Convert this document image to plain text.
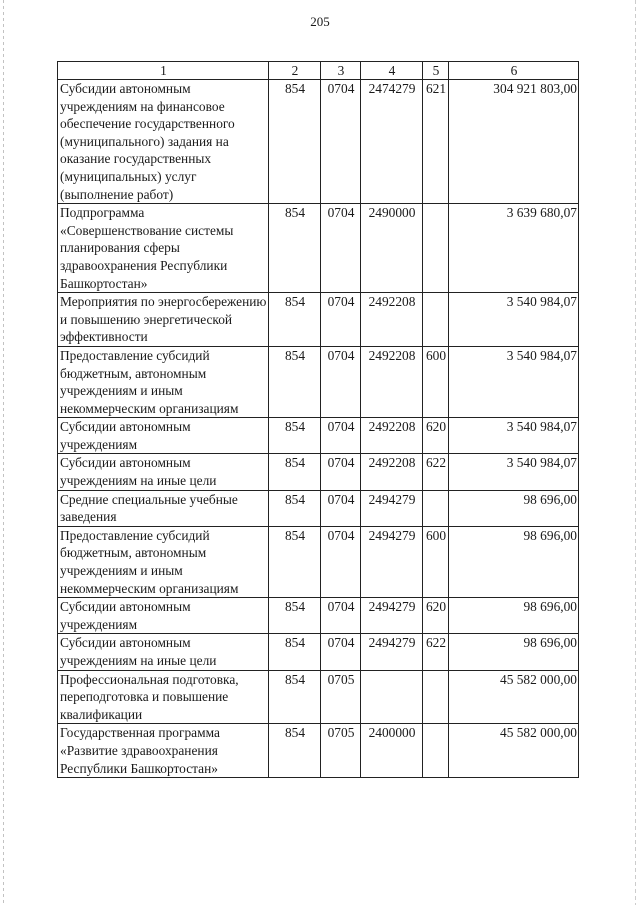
205
1	2	3	4	5	6
Субсидии автономным учреждениям на финансовое обеспечение государственного (муниципального) задания на оказание государственных (муниципальных) услуг (выполнение работ)	854	0704	2474279	621	304 921 803,00
Подпрограмма «Совершенствование системы планирования сферы здравоохранения Республики Башкортостан»	854	0704	2490000		3 639 680,07
Мероприятия по энергосбережению и повышению энергетической эффективности	854	0704	2492208		3 540 984,07
Предоставление субсидий бюджетным, автономным учреждениям и иным некоммерческим организациям	854	0704	2492208	600	3 540 984,07
Субсидии автономным учреждениям	854	0704	2492208	620	3 540 984,07
Субсидии автономным учреждениям на иные цели	854	0704	2492208	622	3 540 984,07
Средние специальные учебные заведения	854	0704	2494279		98 696,00
Предоставление субсидий бюджетным, автономным учреждениям и иным некоммерческим организациям	854	0704	2494279	600	98 696,00
Субсидии автономным учреждениям	854	0704	2494279	620	98 696,00
Субсидии автономным учреждениям на иные цели	854	0704	2494279	622	98 696,00
Профессиональная подготовка, переподготовка и повышение квалификации	854	0705			45 582 000,00
Государственная программа «Развитие здравоохранения Республики Башкортостан»	854	0705	2400000		45 582 000,00
